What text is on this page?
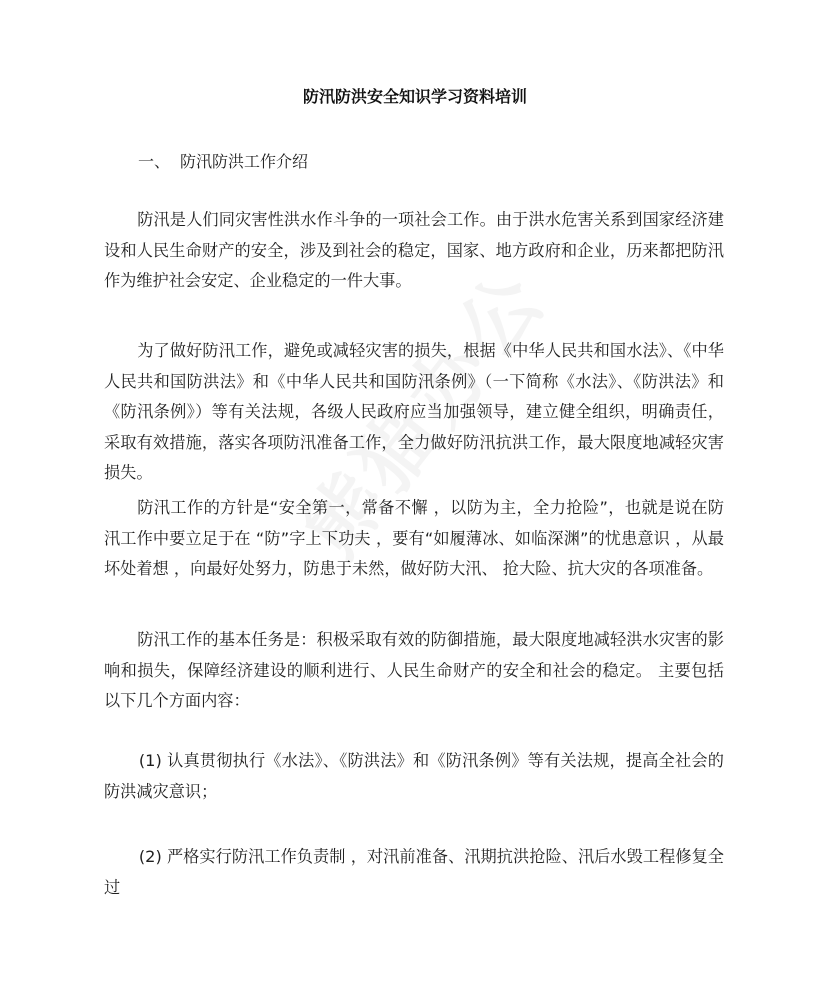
防汛防洪安全知识学习资料培训
一、 防汛防洪工作介绍

防汛是人们同灾害性洪水作斗争的一项社会工作。由于洪水危害关系到国家经济建设和人民生命财产的安全，涉及到社会的稳定，国家、地方政府和企业，历来都把防汛作为维护社会安定、企业稳定的一件大事。

为了做好防汛工作，避免或减轻灾害的损失，根据《中华人民共和国水法》、《中华人民共和国防洪法》和《中华人民共和国防汛条例》（一下简称《水法》、《防洪法》和《防汛条例》）等有关法规，各级人民政府应当加强领导，建立健全组织，明确责任，采取有效措施，落实各项防汛准备工作，全力做好防汛抗洪工作，最大限度地减轻灾害损失。

防汛工作的方针是“安全第一，常备不懈 ，以防为主，全力抢险”，也就是说在防汛工作中要立足于在 “防”字上下功夫 ，要有“如履薄冰、如临深渊”的忧患意识 ，从最坏处着想 ，向最好处努力，防患于未然，做好防大汛、 抢大险、抗大灾的各项准备。

防汛工作的基本任务是：积极采取有效的防御措施，最大限度地减轻洪水灾害的影响和损失，保障经济建设的顺利进行、人民生命财产的安全和社会的稳定。 主要包括以下几个方面内容：

(1) 认真贯彻执行《水法》、《防洪法》和《防汛条例》等有关法规，提高全社会的防洪减灾意识；

(2) 严格实行防汛工作负责制 ，对汛前准备、汛期抗洪抢险、汛后水毁工程修复全过
